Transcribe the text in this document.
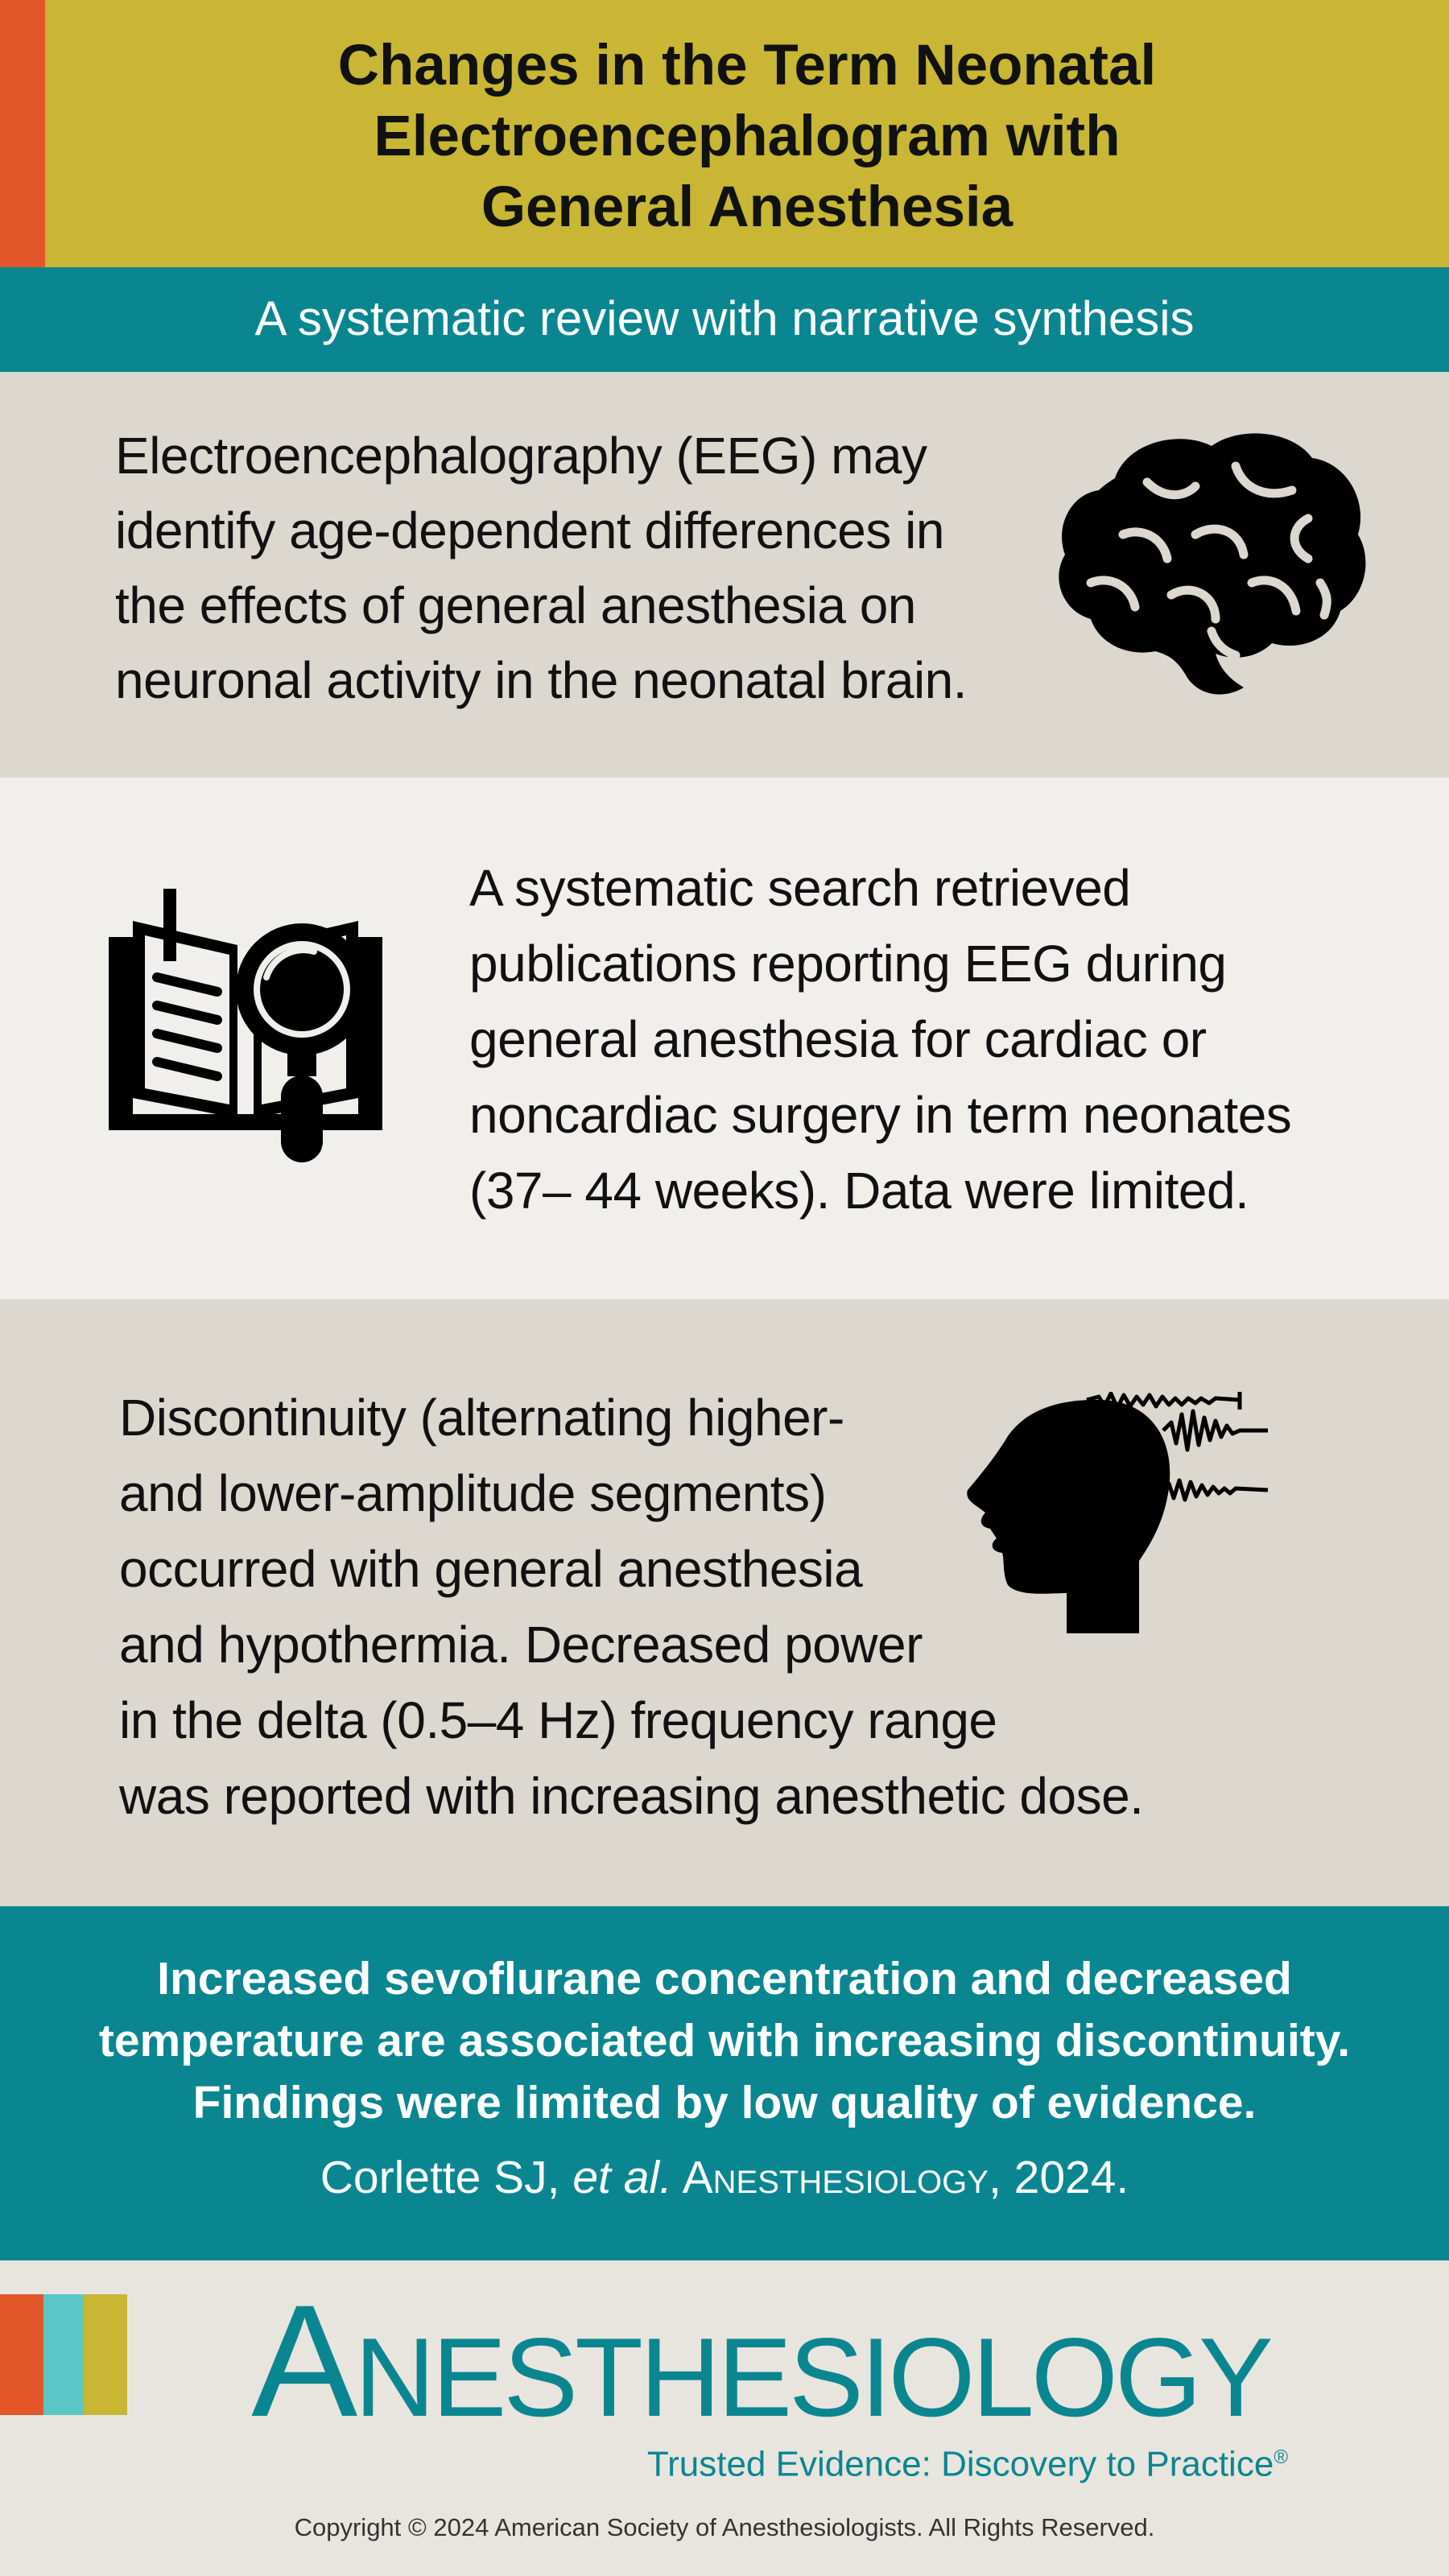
Changes in the Term Neonatal
Electroencephalogram with
General Anesthesia
A systematic review with narrative synthesis
Electroencephalography (EEG) may
identify age-dependent differences in
the effects of general anesthesia on
neuronal activity in the neonatal brain.
A systematic search retrieved
publications reporting EEG during
general anesthesia for cardiac or
noncardiac surgery in term neonates
(37– 44 weeks). Data were limited.
Discontinuity (alternating higher-
and lower-amplitude segments)
occurred with general anesthesia
and hypothermia. Decreased power
in the delta (0.5–4 Hz) frequency range
was reported with increasing anesthetic dose.
Increased sevoflurane concentration and decreased
temperature are associated with increasing discontinuity.
Findings were limited by low quality of evidence.
Corlette SJ, et al. Anesthesiology, 2024.
Anesthesiology
Trusted Evidence: Discovery to Practice®
Copyright © 2024 American Society of Anesthesiologists. All Rights Reserved.
